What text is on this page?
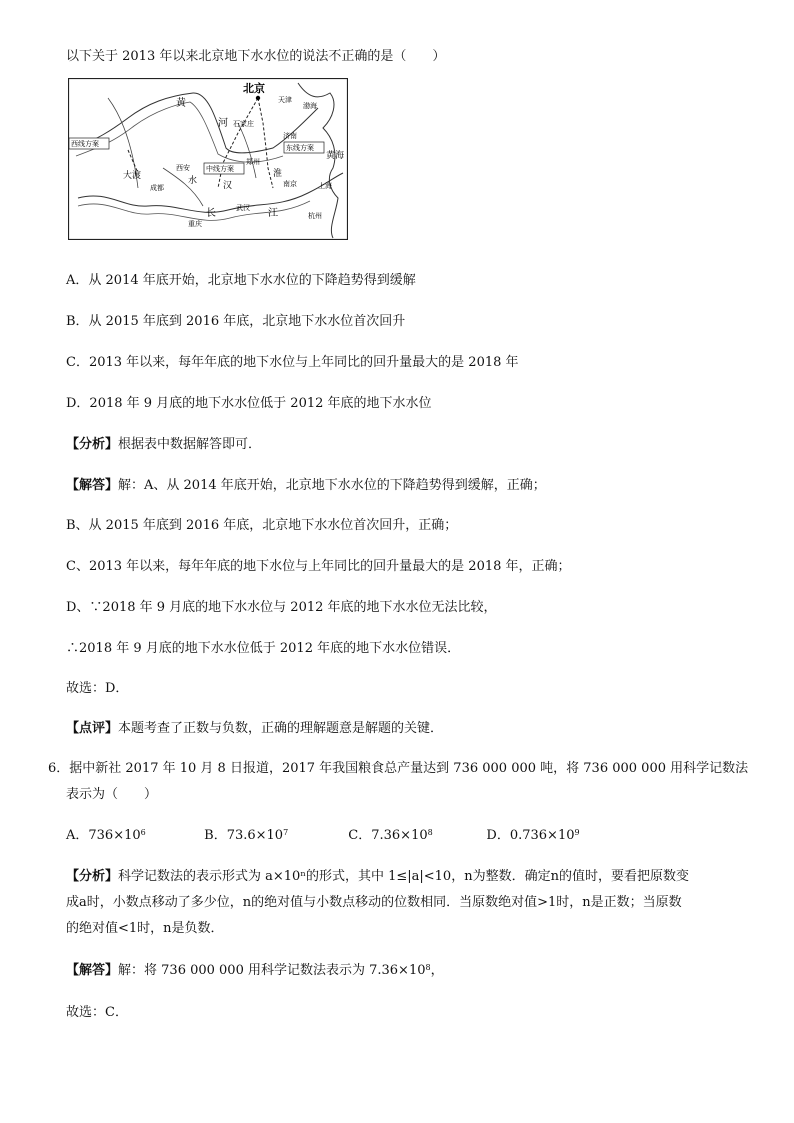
以下关于 2013 年以来北京地下水水位的说法不正确的是（　　）
北京
天津
渤海
石家庄
济南
东线方案
西线方案
中线方案
西安
郑州
南京	上海
杭州
武汉
成都
重庆
黄
河
长	江
淮
汉
水
黄海
大渡
A．从 2014 年底开始，北京地下水水位的下降趋势得到缓解
B．从 2015 年底到 2016 年底，北京地下水水位首次回升
C．2013 年以来，每年年底的地下水位与上年同比的回升量最大的是 2018 年
D．2018 年 9 月底的地下水水位低于 2012 年底的地下水水位
【分析】根据表中数据解答即可．
【解答】解：A、从 2014 年底开始，北京地下水水位的下降趋势得到缓解，正确；
B、从 2015 年底到 2016 年底，北京地下水水位首次回升，正确；
C、2013 年以来，每年年底的地下水位与上年同比的回升量最大的是 2018 年，正确；
D、∵2018 年 9 月底的地下水水位与 2012 年底的地下水水位无法比较，
∴2018 年 9 月底的地下水水位低于 2012 年底的地下水水位错误．
故选：D．
【点评】本题考查了正数与负数，正确的理解题意是解题的关键．
6．据中新社 2017 年 10 月 8 日报道，2017 年我国粮食总产量达到 736 000 000 吨，将 736 000 000 用科学记数法
表示为（　　）
A．$736\times 10^6$	B．$73.6\times 10^7$	C．$7.36\times 10^8$	D．$0.736\times 10^9$
【分析】科学记数法的表示形式为 a×10ⁿ的形式，其中 1≤|a|<10，n为整数．确定n的值时，要看把原数变
成a时，小数点移动了多少位，n的绝对值与小数点移动的位数相同．当原数绝对值>1时，n是正数；当原数
的绝对值<1时，n是负数．
【解答】解：将 736 000 000 用科学记数法表示为 $7.36\times 10^8$，
故选：C．
